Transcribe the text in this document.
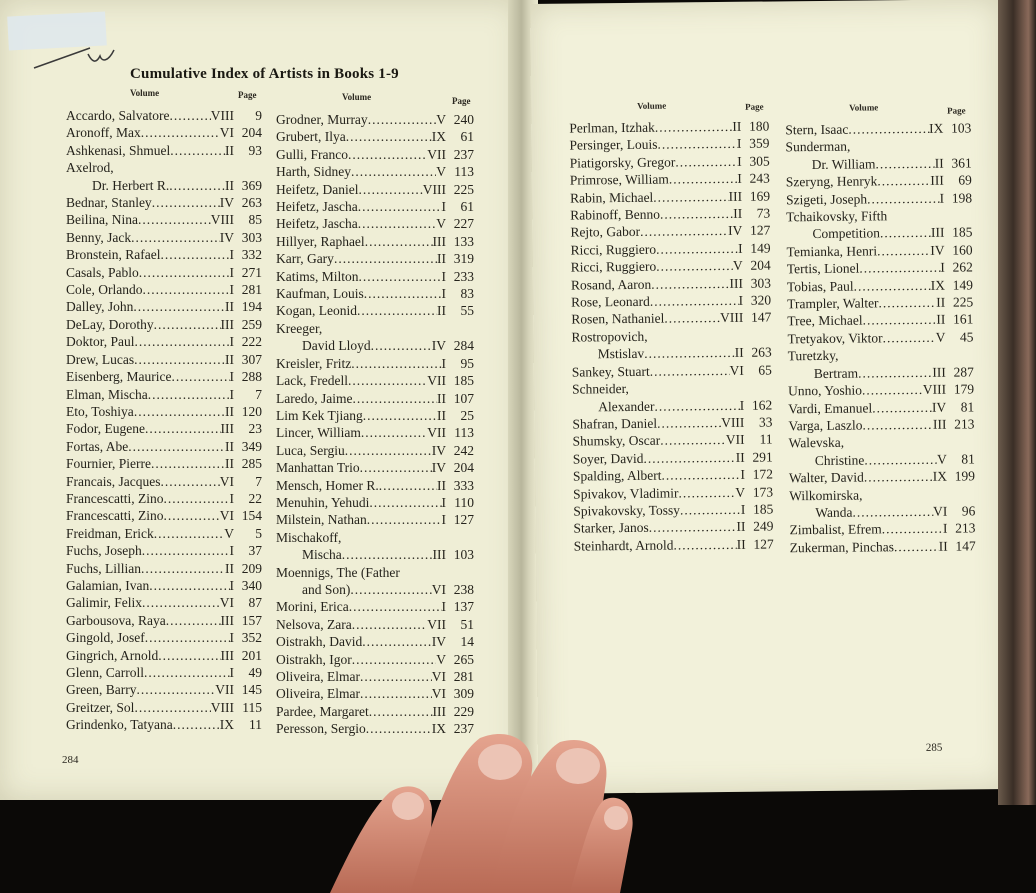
Cumulative Index of Artists in Books 1-9
Volume	Page	Volume	Page
Accardo, Salvatore .....	VIII	9
Aronoff, Max .....	VI 204
Ashkenasi, Shmuel .....	II	93
Axelrod,
Dr. Herbert R. .....	II 369
Bednar, Stanley .....	IV 263
Beilina, Nina .....	VIII	85
Benny, Jack .....	IV 303
Bronstein, Rafael .....	I 332
Casals, Pablo .....	I 271
Cole, Orlando .....	I 281
Dalley, John .....	II 194
DeLay, Dorothy .....	III 259
Doktor, Paul .....	I 222
Drew, Lucas .....	II 307
Eisenberg, Maurice .....	I 288
Elman, Mischa .....	I	7
Eto, Toshiya .....	II 120
Fodor, Eugene .....	III	23
Fortas, Abe .....	II 349
Fournier, Pierre .....	II 285
Francais, Jacques .....	VI	7
Francescatti, Zino .....	I	22
Francescatti, Zino .....	VI 154
Freidman, Erick .....	V	5
Fuchs, Joseph .....	I	37
Fuchs, Lillian .....	II 209
Galamian, Ivan .....	I 340
Galimir, Felix .....	VI	87
Garbousova, Raya .....	III 157
Gingold, Josef .....	I 352
Gingrich, Arnold .....	III 201
Glenn, Carroll .....	I	49
Green, Barry .....	VII 145
Greitzer, Sol .....	VIII 115
Grindenko, Tatyana .....	IX	11
Grodner, Murray .....	V 240
Grubert, Ilya .....	IX	61
Gulli, Franco .....	VII 237
Harth, Sidney .....	V 113
Heifetz, Daniel .....	VIII 225
Heifetz, Jascha .....	I	61
Heifetz, Jascha .....	V 227
Hillyer, Raphael .....	III 133
Karr, Gary .....	II 319
Katims, Milton .....	I 233
Kaufman, Louis .....	I	83
Kogan, Leonid .....	II	55
Kreeger,
David Lloyd .....	IV 284
Kreisler, Fritz .....	I	95
Lack, Fredell .....	VII 185
Laredo, Jaime .....	II 107
Lim Kek Tjiang .....	II	25
Lincer, William .....	VII 113
Luca, Sergiu .....	IV 242
Manhattan Trio .....	IV 204
Mensch, Homer R. .....	II 333
Menuhin, Yehudi .....	I 110
Milstein, Nathan .....	I 127
Mischakoff,
Mischa .....	III 103
Moennigs, The (Father
and Son) .....	VI 238
Morini, Erica .....	I 137
Nelsova, Zara .....	VII	51
Oistrakh, David .....	IV	14
Oistrakh, Igor .....	V 265
Oliveira, Elmar .....	VI 281
Oliveira, Elmar .....	VI 309
Pardee, Margaret .....	III 229
Peresson, Sergio .....	IX 237
284
Volume	Page	Volume	Page
Perlman, Itzhak .....	II 180
Persinger, Louis .....	I 359
Piatigorsky, Gregor .....	I 305
Primrose, William .....	I 243
Rabin, Michael .....	III 169
Rabinoff, Benno .....	II	73
Rejto, Gabor .....	IV 127
Ricci, Ruggiero .....	I 149
Ricci, Ruggiero .....	V 204
Rosand, Aaron .....	III 303
Rose, Leonard .....	I 320
Rosen, Nathaniel .....	VIII 147
Rostropovich,
Mstislav .....	II 263
Sankey, Stuart .....	VI	65
Schneider,
Alexander .....	I 162
Shafran, Daniel .....	VIII	33
Shumsky, Oscar .....	VII	11
Soyer, David .....	II 291
Spalding, Albert .....	I 172
Spivakov, Vladimir .....	V 173
Spivakovsky, Tossy .....	I 185
Starker, Janos .....	II 249
Steinhardt, Arnold .....	II 127
Stern, Isaac .....	IX 103
Sunderman,
Dr. William .....	II 361
Szeryng, Henryk .....	III	69
Szigeti, Joseph .....	I 198
Tchaikovsky, Fifth
Competition .....	III 185
Temianka, Henri .....	IV 160
Tertis, Lionel .....	I 262
Tobias, Paul .....	IX 149
Trampler, Walter .....	II 225
Tree, Michael .....	II 161
Tretyakov, Viktor .....	V	45
Turetzky,
Bertram .....	III 287
Unno, Yoshio .....	VIII 179
Vardi, Emanuel .....	IV	81
Varga, Laszlo .....	III 213
Walevska,
Christine .....	V	81
Walter, David .....	IX 199
Wilkomirska,
Wanda .....	VI	96
Zimbalist, Efrem .....	I 213
Zukerman, Pinchas .....	II 147
285
